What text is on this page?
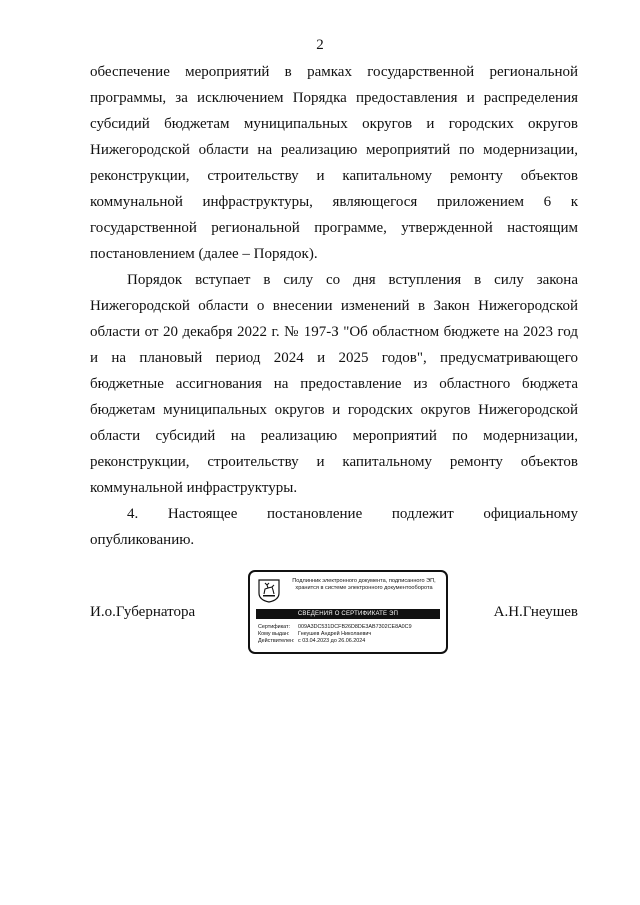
2

обеспечение мероприятий в рамках государственной региональной программы, за исключением Порядка предоставления и распределения субсидий бюджетам муниципальных округов и городских округов Нижегородской области на реализацию мероприятий по модернизации, реконструкции, строительству и капитальному ремонту объектов коммунальной инфраструктуры, являющегося приложением 6 к государственной региональной программе, утвержденной настоящим постановлением (далее – Порядок).

Порядок вступает в силу со дня вступления в силу закона Нижегородской области о внесении изменений в Закон Нижегородской области от 20 декабря 2022 г. № 197-З "Об областном бюджете на 2023 год и на плановый период 2024 и 2025 годов", предусматривающего бюджетные ассигнования на предоставление из областного бюджета бюджетам муниципальных округов и городских округов Нижегородской области субсидий на реализацию мероприятий по модернизации, реконструкции, строительству и капитальному ремонту объектов коммунальной инфраструктуры.

4. Настоящее постановление подлежит официальному

опубликованию.

И.о.Губернатора	А.Н.Гнеушев
Подлинник электронного документа, подписанного ЭП,
хранится в системе электронного документооборота
СВЕДЕНИЯ О СЕРТИФИКАТЕ ЭП
Сертификат: 009A3DC531DCFB26D8DE3AB7302CE8A0C9
Кому выдан: Гнеушев Андрей Николаевич
Действителен: с 03.04.2023 до 26.06.2024
